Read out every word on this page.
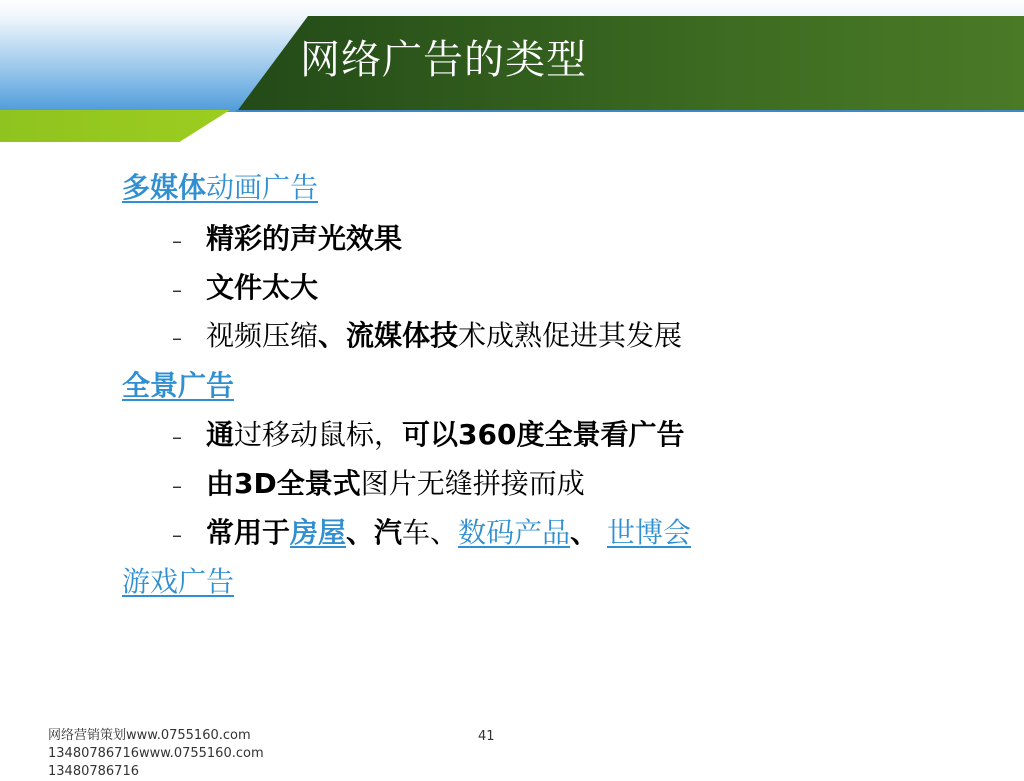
网络广告的类型
多媒体动画广告
– 精彩的声光效果
– 文件太大
– 视频压缩、流媒体技术成熟促进其发展
全景广告
– 通过移动鼠标，可以360度全景看广告
– 由3D全景式图片无缝拼接而成
– 常用于房屋、汽车、数码产品、 世博会
游戏广告
网络营销策划www.0755160.com
13480786716www.0755160.com
13480786716
41
